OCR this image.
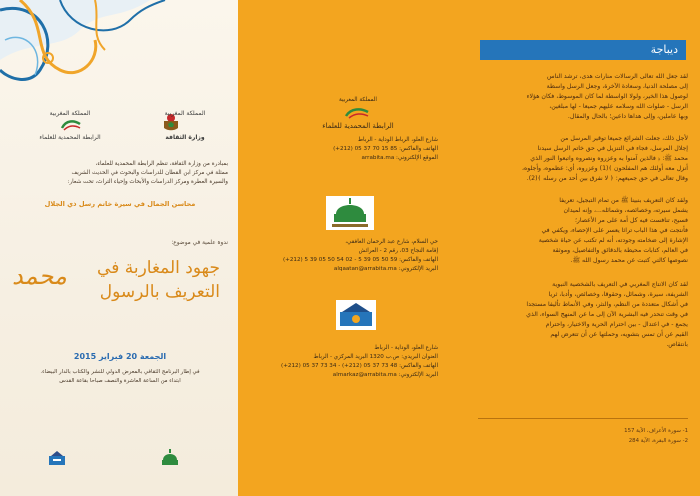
المملكة المغربية
الرابطة المحمدية للعلماء
المملكة المغربية
وزارة الثقافة
بمبادرة من وزارة الثقافة، تنظم الرابطة المحمدية للعلماء،
ممثلة في مركز ابن القطان للدراسات والبحوث في الحديث الشريف
والسيرة العطرة ومركز الدراسات والأبحاث وإحياء التراث، تحت شعار:
محاسن الجمال في سيرة خاتم رسل ذي الجلال
ندوة علمية في موضوع:
جهود المغاربة في
التعريف بالرسول
محمد
الجمعة 20 فبراير 2015
في إطار البرنامج الثقافي بالمعرض الدولي للنشر والكتاب بالدار البيضاء.
ابتداء من الساعة العاشرة والنصف صباحا بقاعة القدس
المملكة المغربية
الرابطة المحمدية للعلماء
شارع العلو، الرباط الوداية - الرباط
الهاتف والفاكس: 85 15 70 37 05 (212+)
الموقع الإلكتروني: arrabita.ma
حي السلام، شارع عبد الرحمان الغافقي،
إقامة النجاح 03، رقم 2 - العرائش
الهاتف والفاكس: 59 50 05 39 5 - 02 54 50 05 39 5 (212+)
البريد الإلكتروني: alqaatan@arrabita.ma
شارع العلو، الوداية - الرباط
العنوان البريدي: ص.ب 1320 البريد المركزي - الرباط
الهاتف والفاكس: 48 73 37 05 (212+) - 34 73 37 05 (212+)
البريد الإلكتروني: almarkaz@arrabita.ma
ديباجة
لقد جعل الله تعالى الرسالات منارات هدى، ترشد الناس
إلى مصلحة الدنيا، وسعادة الآخرة، وجعل الرسل واسطة
لوصول هذا الخير، ولولا الواسطة لما كان الموسوط، فكان هؤلاء
الرسل - صلوات الله وسلامه عليهم جميعا - لها مبلغين،
وبها عاملين، وإلى هداها داعين؛ بالحال والمقال.
لأجل ذلك، جعلت الشرائع جميعا توقير المرسل من
إجلال المرسل، فجاء في التنزيل في حق خاتم الرسل سيدنا
محمد ﷺ: ﴿ فالذين آمنوا به وعزروه ونصروه واتبعوا النور الذي
أنزل معه أولئك هم المفلحون ﴾(1) وعزروه، أي: عظموه، وأجلوه،
وقال تعالى في حق جميعهم: ﴿ لا نفرق بين أحد من رسله ﴾(2).
ولقد كان التعريف بنبينا ﷺ من تمام التبجيل، تعريفا
يشمل سيرته، وخصائصه، وشمائله...، وإنه لميدان
فسيح، تنافست فيه كل أمة على مر الأعصار؛
فأنتجت في هذا الباب تراثا يعسر على الإحصاء، ويكفي في
الإشارة إلى ضخامته وجودته، أنه لم تكتب عن حياة شخصية
في العالم، كتابات محيطة بالدقائق والتفاصيل، وموثقة
نصوصها كالتي كتبت عن محمد رسول الله ﷺ.
لقد كان الانتاج المغربي في التعريف بالشخصية النبوية
الشريفة، سيرة، وشمائل، وحقوقا، وخصائص، وأدبا، ثريا
في أشكال متعددة من النظم، والنثر، وفي الأنماط تأليفا مستجدا
في وقت تنحدر فيه البشرية الآن إلى ما عن المنهج السواء، الذي
يجمع - في اعتدال - بين احترام الحرية والاختيار، واحترام
القيم عن أن تمس بتشويه، وحملتها عن أن تتعرض لهم
بانتقاص.
1- سورة الأعراف، الآية 157
2- سورة البقرة، الآية 284
